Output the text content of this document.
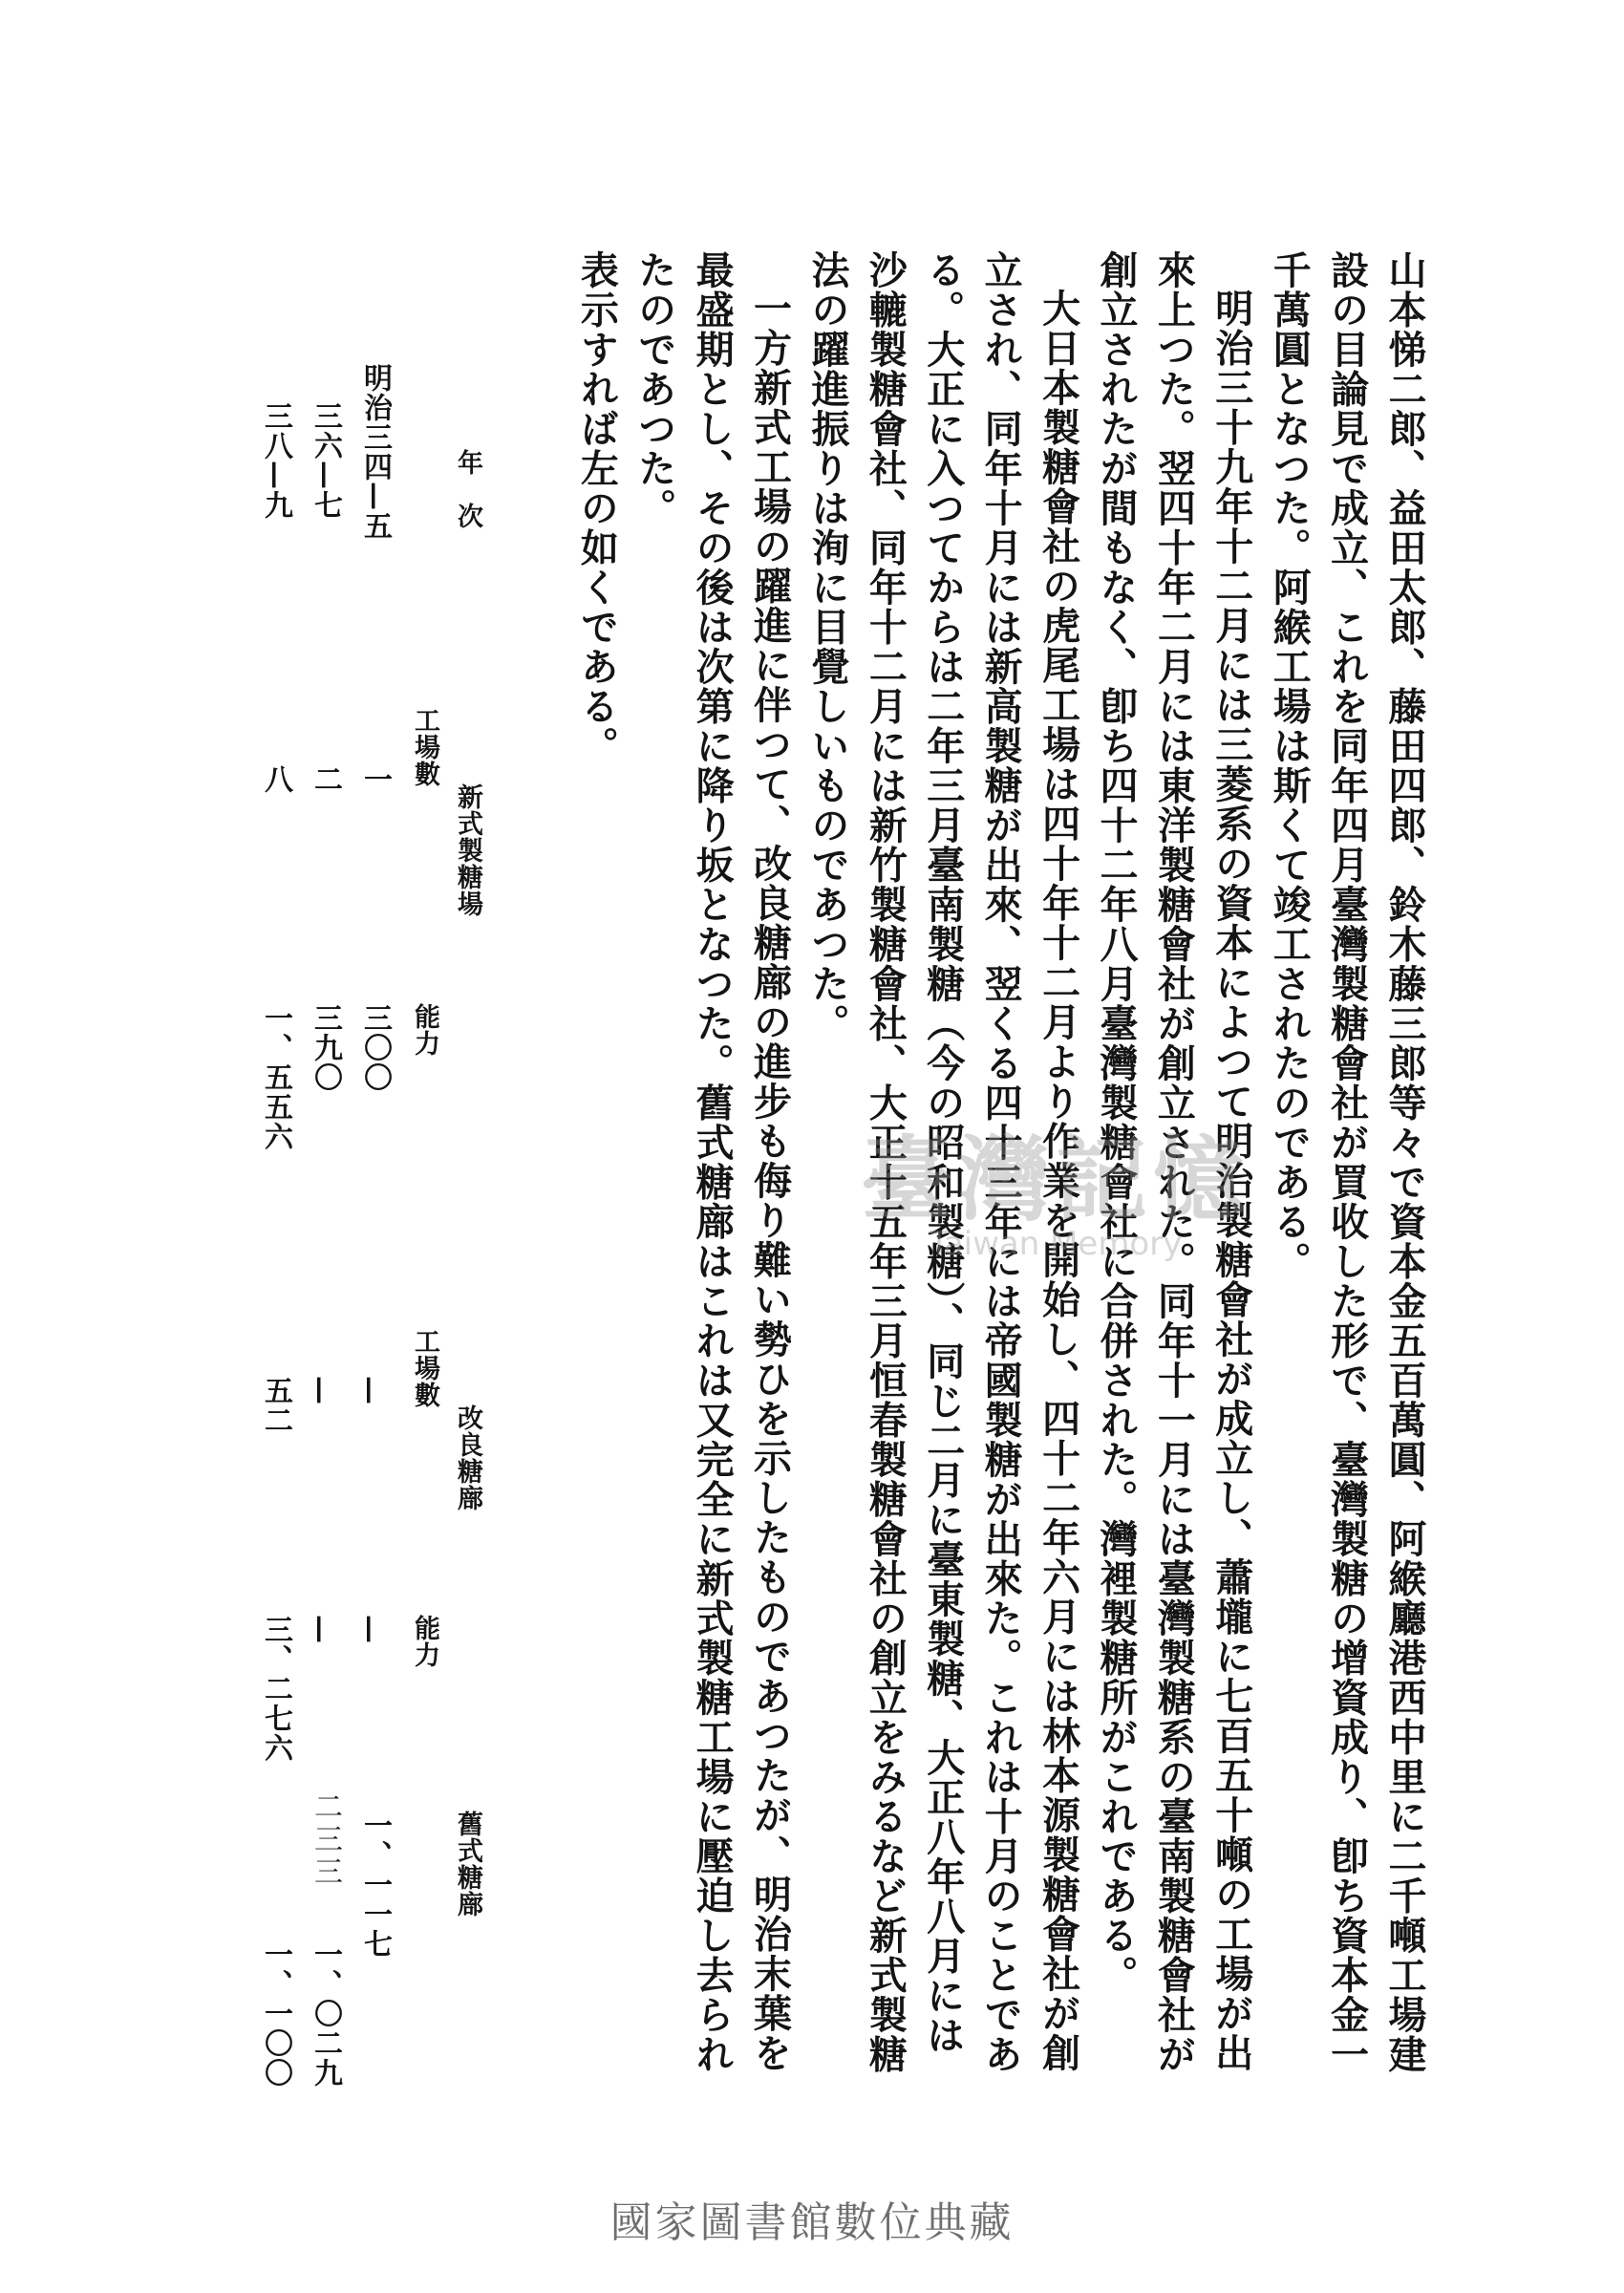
山本悌二郎、益田太郎、藤田四郎、鈴木藤三郎等々で資本金五百萬圓、阿緱廳港西中里に二千噸工場建設の目論見で成立、これを同年四月臺灣製糖會社が買收した形で、臺灣製糖の增資成り、卽ち資本金一千萬圓となつた。阿緱工場は斯くて竣工されたのである。

明治三十九年十二月には三菱系の資本によつて明治製糖會社が成立し、蕭壠に七百五十噸の工場が出來上つた。翌四十年二月には東洋製糖會社が創立された。同年十一月には臺灣製糖系の臺南製糖會社が創立されたが間もなく、卽ち四十二年八月臺灣製糖會社に合併された。灣裡製糖所がこれである。

大日本製糖會社の虎尾工場は四十年十二月より作業を開始し、四十二年六月には林本源製糖會社が創立され、同年十月には新高製糖が出來、翌くる四十三年には帝國製糖が出來た。これは十月のことである。大正に入つてからは二年三月臺南製糖（今の昭和製糖）、同じ二月に臺東製糖、大正八年八月には沙轆製糖會社、同年十二月には新竹製糖會社、大正十五年三月恒春製糖會社の創立をみるなど新式製糖法の躍進振りは洵に目覺しいものであつた。

一方新式工場の躍進に伴つて、改良糖廍の進步も侮り難い勢ひを示したものであつたが、明治末葉を最盛期とし、その後は次第に降り坂となつた。舊式糖廍はこれは又完全に新式製糖工場に壓迫し去られたのであつた。

表示すれば左の如くである。

年　次
新式製糖場
改良糖廍
舊式糖廍
工場數
能力
工場數
能力
明治三四—五
一
三〇〇
—
—
一、一一七
三六—七
二
三九〇
—
—
三八—九
八
一、五五六
五二
三、二七六
一、〇二九
一、一〇〇
二三三
臺灣記憶
Taiwan Memory
國家圖書館數位典藏
